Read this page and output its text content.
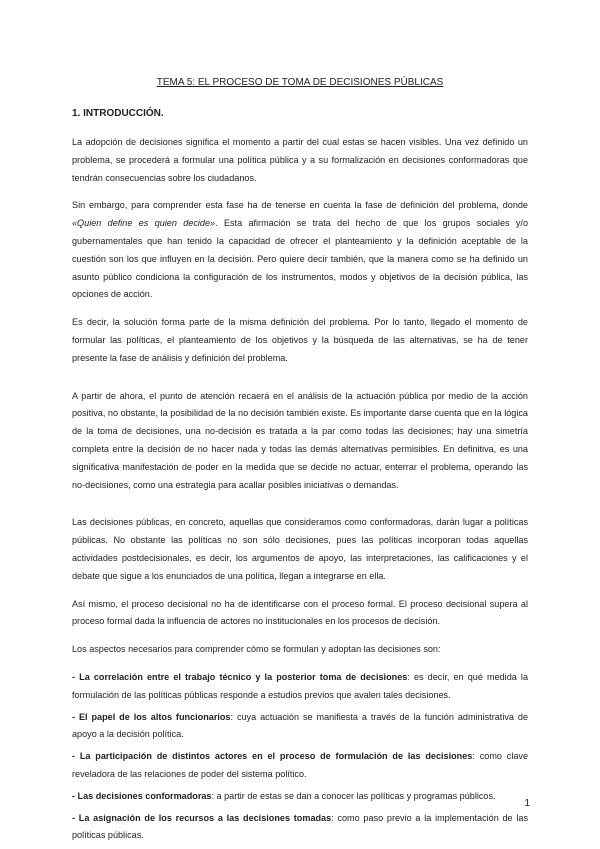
TEMA 5: EL PROCESO DE TOMA DE DECISIONES PÚBLICAS
1. INTRODUCCIÓN.

La adopción de decisiones significa el momento a partir del cual estas se hacen visibles. Una vez definido un problema, se procederá a formular una política pública y a su formalización en decisiones conformadoras que tendrán consecuencias sobre los ciudadanos.

Sin embargo, para comprender esta fase ha de tenerse en cuenta la fase de definición del problema, donde «Quien define es quien decide». Esta afirmación se trata del hecho de que los grupos sociales y/o gubernamentales que han tenido la capacidad de ofrecer el planteamiento y la definición aceptable de la cuestión son los que influyen en la decisión. Pero quiere decir también, que la manera como se ha definido un asunto público condiciona la configuración de los instrumentos, modos y objetivos de la decisión pública, las opciones de acción.

Es decir, la solución forma parte de la misma definición del problema. Por lo tanto, llegado el momento de formular las políticas, el planteamiento de los objetivos y la búsqueda de las alternativas, se ha de tener presente la fase de análisis y definición del problema.

A partir de ahora, el punto de atención recaerá en el análisis de la actuación pública por medio de la acción positiva, no obstante, la posibilidad de la no decisión también existe. Es importante darse cuenta que en la lógica de la toma de decisiones, una no-decisión es tratada a la par como todas las decisiones; hay una simetría completa entre la decisión de no hacer nada y todas las demás alternativas permisibles. En definitiva, es una significativa manifestación de poder en la medida que se decide no actuar, enterrar el problema, operando las no-decisiones, como una estrategia para acallar posibles iniciativas o demandas.

Las decisiones públicas, en concreto, aquellas que consideramos como conformadoras, darán lugar a políticas públicas. No obstante las políticas no son sólo decisiones, pues las políticas incorporan todas aquellas actividades postdecisionales, es decir, los argumentos de apoyo, las interpretaciones, las calificaciones y el debate que sigue a los enunciados de una política, llegan a integrarse en ella.

Así mismo, el proceso decisional no ha de identificarse con el proceso formal. El proceso decisional supera al proceso formal dada la influencia de actores no institucionales en los procesos de decisión.

Los aspectos necesarios para comprender cómo se formulan y adoptan las decisiones son:

- La correlación entre el trabajo técnico y la posterior toma de decisiones: es decir, en qué medida la formulación de las políticas públicas responde a estudios previos que avalen tales decisiones.

- El papel de los altos funcionarios: cuya actuación se manifiesta a través de la función administrativa de apoyo a la decisión política.

- La participación de distintos actores en el proceso de formulación de las decisiones: como clave reveladora de las relaciones de poder del sistema político.

- Las decisiones conformadoras: a partir de estas se dan a conocer las políticas y programas públicos.

- La asignación de los recursos a las decisiones tomadas: como paso previo a la implementación de las políticas públicas.

1
